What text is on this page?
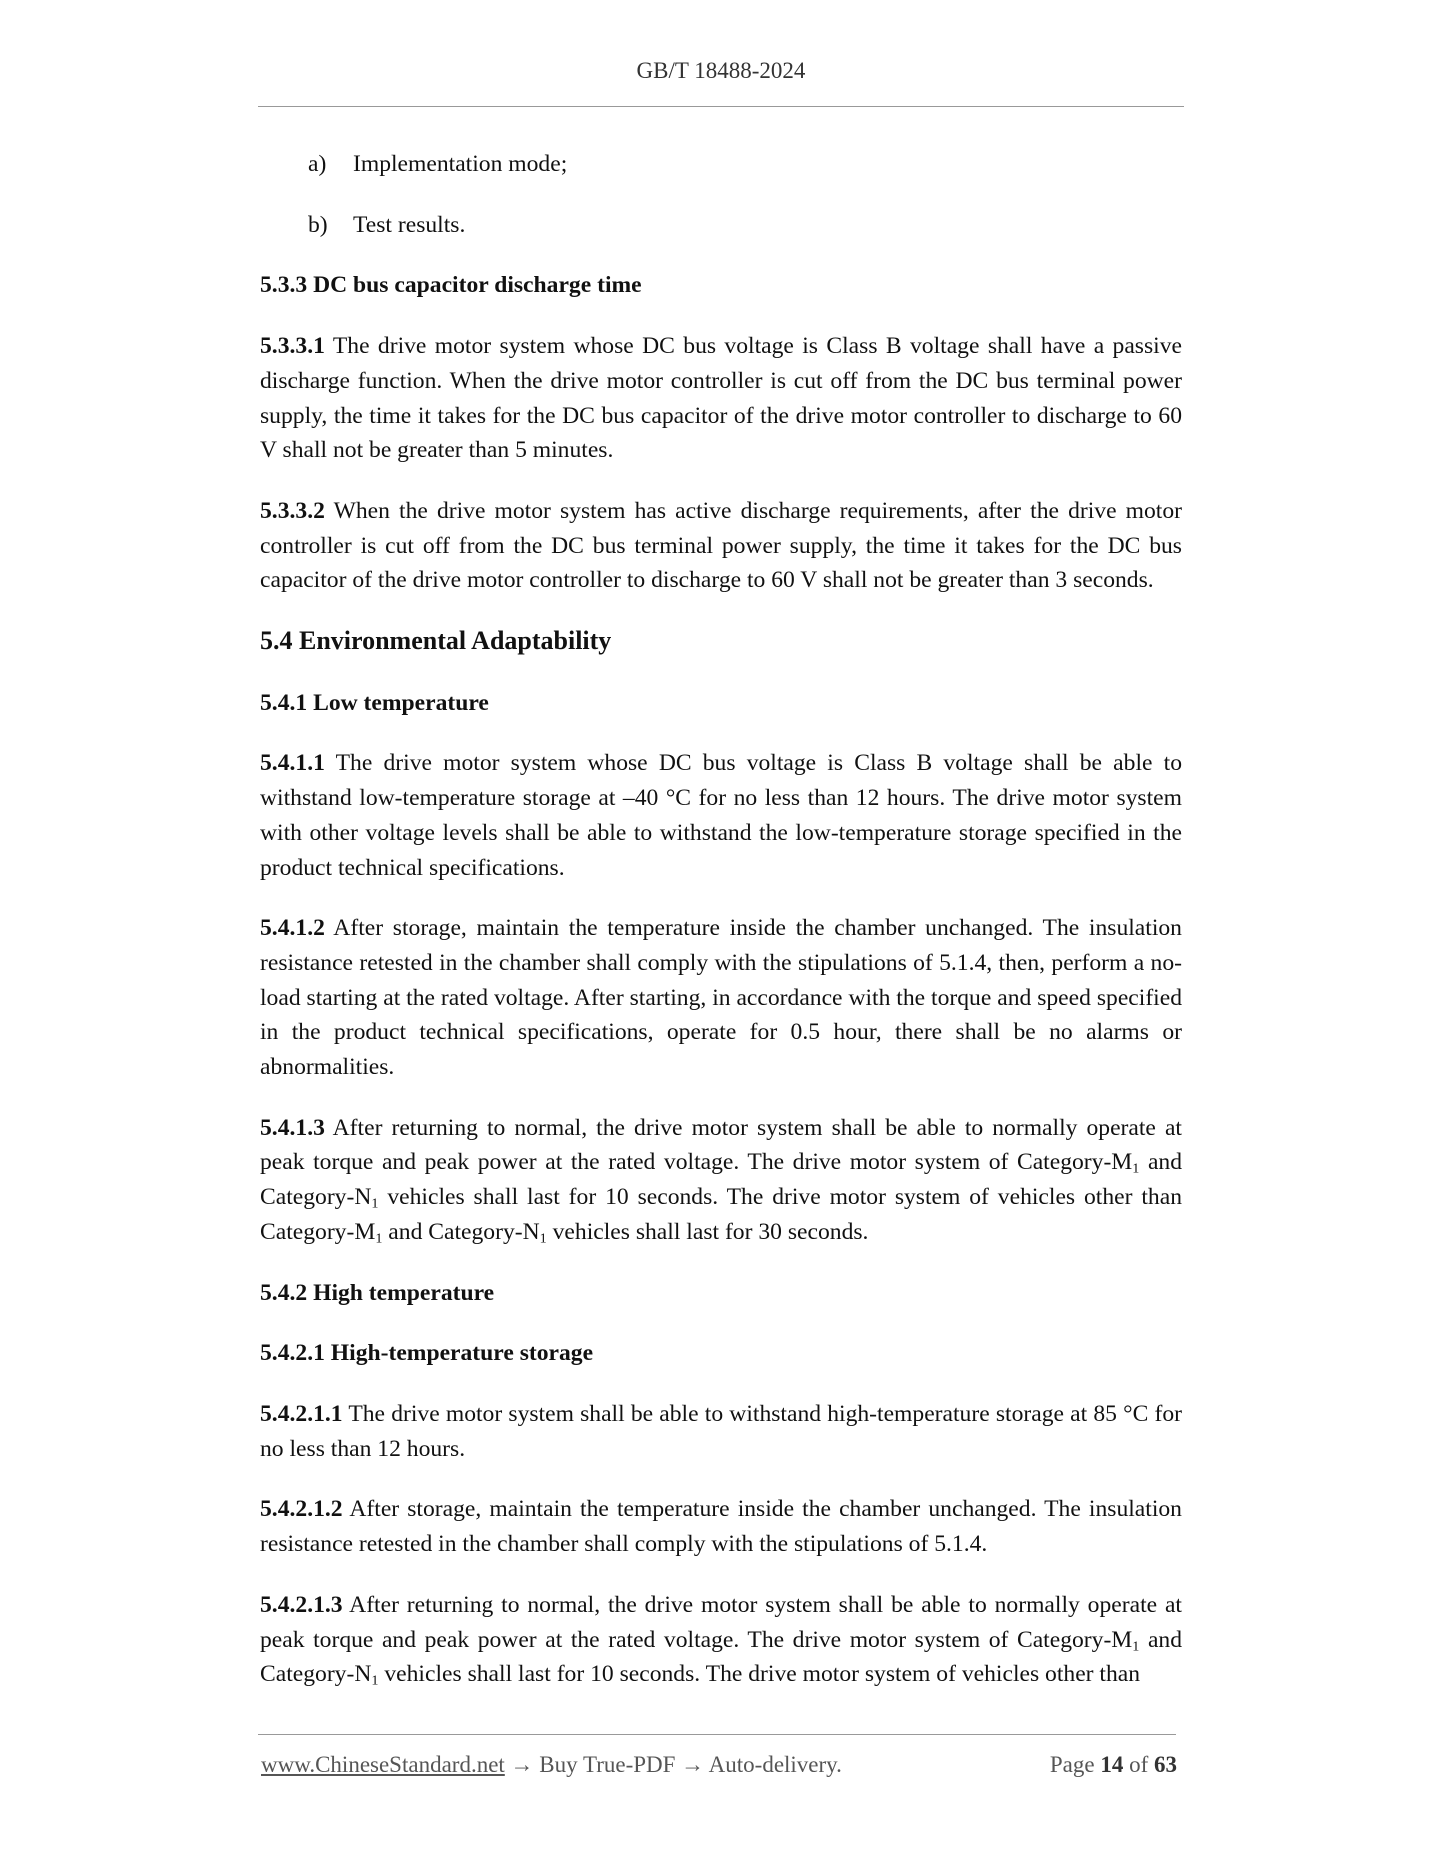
GB/T 18488-2024
a)	Implementation mode;
b)	Test results.
5.3.3 DC bus capacitor discharge time
5.3.3.1 The drive motor system whose DC bus voltage is Class B voltage shall have a passive discharge function. When the drive motor controller is cut off from the DC bus terminal power supply, the time it takes for the DC bus capacitor of the drive motor controller to discharge to 60 V shall not be greater than 5 minutes.
5.3.3.2 When the drive motor system has active discharge requirements, after the drive motor controller is cut off from the DC bus terminal power supply, the time it takes for the DC bus capacitor of the drive motor controller to discharge to 60 V shall not be greater than 3 seconds.
5.4 Environmental Adaptability
5.4.1 Low temperature
5.4.1.1 The drive motor system whose DC bus voltage is Class B voltage shall be able to withstand low-temperature storage at –40 °C for no less than 12 hours. The drive motor system with other voltage levels shall be able to withstand the low-temperature storage specified in the product technical specifications.
5.4.1.2 After storage, maintain the temperature inside the chamber unchanged. The insulation resistance retested in the chamber shall comply with the stipulations of 5.1.4, then, perform a no-load starting at the rated voltage. After starting, in accordance with the torque and speed specified in the product technical specifications, operate for 0.5 hour, there shall be no alarms or abnormalities.
5.4.1.3 After returning to normal, the drive motor system shall be able to normally operate at peak torque and peak power at the rated voltage. The drive motor system of Category-$M_1$ and Category-$N_1$ vehicles shall last for 10 seconds. The drive motor system of vehicles other than Category-$M_1$ and Category-$N_1$ vehicles shall last for 30 seconds.
5.4.2 High temperature
5.4.2.1 High-temperature storage
5.4.2.1.1 The drive motor system shall be able to withstand high-temperature storage at 85 °C for no less than 12 hours.
5.4.2.1.2 After storage, maintain the temperature inside the chamber unchanged. The insulation resistance retested in the chamber shall comply with the stipulations of 5.1.4.
5.4.2.1.3 After returning to normal, the drive motor system shall be able to normally operate at peak torque and peak power at the rated voltage. The drive motor system of Category-$M_1$ and Category-$N_1$ vehicles shall last for 10 seconds. The drive motor system of vehicles other than
www.ChineseStandard.net → Buy True-PDF → Auto-delivery.	Page 14 of 63
